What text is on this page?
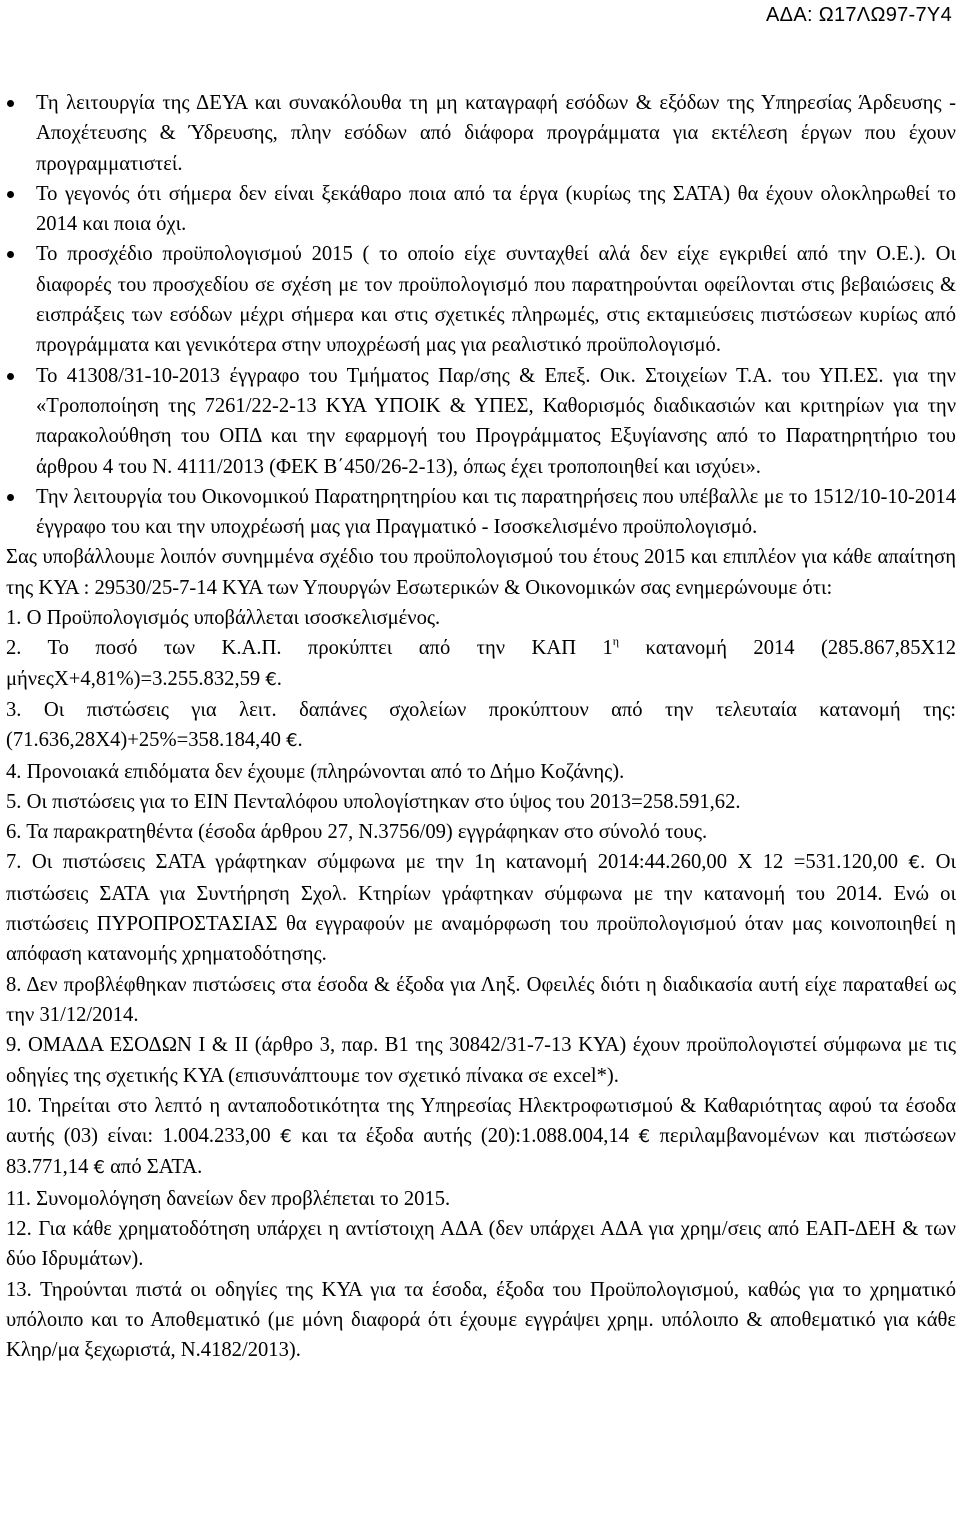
ΑΔΑ: Ω17ΛΩ97-7Υ4
Τη λειτουργία της ΔΕΥΑ και συνακόλουθα τη μη καταγραφή εσόδων & εξόδων της Υπηρεσίας Άρδευσης - Αποχέτευσης & Ύδρευσης, πλην εσόδων από διάφορα προγράμματα για εκτέλεση έργων που έχουν προγραμματιστεί.
Το γεγονός ότι σήμερα δεν είναι ξεκάθαρο ποια από τα έργα (κυρίως της ΣΑΤΑ) θα έχουν ολοκληρωθεί το 2014 και ποια όχι.
Το προσχέδιο προϋπολογισμού 2015 ( το οποίο είχε συνταχθεί αλά δεν είχε εγκριθεί από την Ο.Ε.). Οι διαφορές του προσχεδίου σε σχέση με τον προϋπολογισμό που παρατηρούνται οφείλονται στις βεβαιώσεις & εισπράξεις των εσόδων μέχρι σήμερα και στις σχετικές πληρωμές, στις εκταμιεύσεις πιστώσεων κυρίως από προγράμματα και γενικότερα στην υποχρέωσή μας για ρεαλιστικό προϋπολογισμό.
Το 41308/31-10-2013 έγγραφο του Τμήματος Παρ/σης & Επεξ. Οικ. Στοιχείων Τ.Α. του ΥΠ.ΕΣ. για την «Τροποποίηση της 7261/22-2-13 ΚΥΑ ΥΠΟΙΚ & ΥΠΕΣ, Καθορισμός διαδικασιών και κριτηρίων για την παρακολούθηση του ΟΠΔ και την εφαρμογή του Προγράμματος Εξυγίανσης από το Παρατηρητήριο του άρθρου 4 του Ν. 4111/2013 (ΦΕΚ Β΄450/26-2-13), όπως έχει τροποποιηθεί και ισχύει».
Την λειτουργία του Οικονομικού Παρατηρητηρίου και τις παρατηρήσεις που υπέβαλλε με το 1512/10-10-2014 έγγραφο του και την υποχρέωσή μας για Πραγματικό - Ισοσκελισμένο προϋπολογισμό.

Σας υποβάλλουμε λοιπόν συνημμένα σχέδιο του προϋπολογισμού του έτους 2015 και επιπλέον για κάθε απαίτηση της ΚΥΑ : 29530/25-7-14 ΚΥΑ των Υπουργών Εσωτερικών & Οικονομικών σας ενημερώνουμε ότι:

1. Ο Προϋπολογισμός υποβάλλεται ισοσκελισμένος.

2. Το ποσό των Κ.Α.Π. προκύπτει από την ΚΑΠ $1^\eta$ κατανομή 2014 (285.867,85Χ12 μήνεςΧ+4,81%)=3.255.832,59 €.

3. Οι πιστώσεις για λειτ. δαπάνες σχολείων προκύπτουν από την τελευταία κατανομή της: (71.636,28Χ4)+25%=358.184,40 €.

4. Προνοιακά επιδόματα δεν έχουμε (πληρώνονται από το Δήμο Κοζάνης).

5. Οι πιστώσεις για το ΕΙΝ Πενταλόφου υπολογίστηκαν στο ύψος του 2013=258.591,62.

6. Τα παρακρατηθέντα (έσοδα άρθρου 27, Ν.3756/09) εγγράφηκαν στο σύνολό τους.

7. Οι πιστώσεις ΣΑΤΑ γράφτηκαν σύμφωνα με την 1η κατανομή 2014:44.260,00 Χ 12 =531.120,00 €. Οι πιστώσεις ΣΑΤΑ για Συντήρηση Σχολ. Κτηρίων γράφτηκαν σύμφωνα με την κατανομή του 2014. Ενώ οι πιστώσεις ΠΥΡΟΠΡΟΣΤΑΣΙΑΣ θα εγγραφούν με αναμόρφωση του προϋπολογισμού όταν μας κοινοποιηθεί η απόφαση κατανομής χρηματοδότησης.

8. Δεν προβλέφθηκαν πιστώσεις στα έσοδα & έξοδα για Ληξ. Οφειλές διότι η διαδικασία αυτή είχε παραταθεί ως την 31/12/2014.

9. ΟΜΑΔΑ ΕΣΟΔΩΝ Ι & ΙΙ (άρθρο 3, παρ. Β1 της 30842/31-7-13 ΚΥΑ) έχουν προϋπολογιστεί σύμφωνα με τις οδηγίες της σχετικής ΚΥΑ (επισυνάπτουμε τον σχετικό πίνακα σε excel*).

10. Τηρείται στο λεπτό η ανταποδοτικότητα της Υπηρεσίας Ηλεκτροφωτισμού & Καθαριότητας αφού τα έσοδα αυτής (03) είναι: 1.004.233,00 € και τα έξοδα αυτής (20):1.088.004,14 € περιλαμβανομένων και πιστώσεων 83.771,14 € από ΣΑΤΑ.

11. Συνομολόγηση δανείων δεν προβλέπεται το 2015.

12. Για κάθε χρηματοδότηση υπάρχει η αντίστοιχη ΑΔΑ (δεν υπάρχει ΑΔΑ για χρημ/σεις από ΕΑΠ-ΔΕΗ & των δύο Ιδρυμάτων).

13. Τηρούνται πιστά οι οδηγίες της ΚΥΑ για τα έσοδα, έξοδα του Προϋπολογισμού, καθώς για το χρηματικό υπόλοιπο και το Αποθεματικό (με μόνη διαφορά ότι έχουμε εγγράψει χρημ. υπόλοιπο & αποθεματικό για κάθε Κληρ/μα ξεχωριστά, Ν.4182/2013).
